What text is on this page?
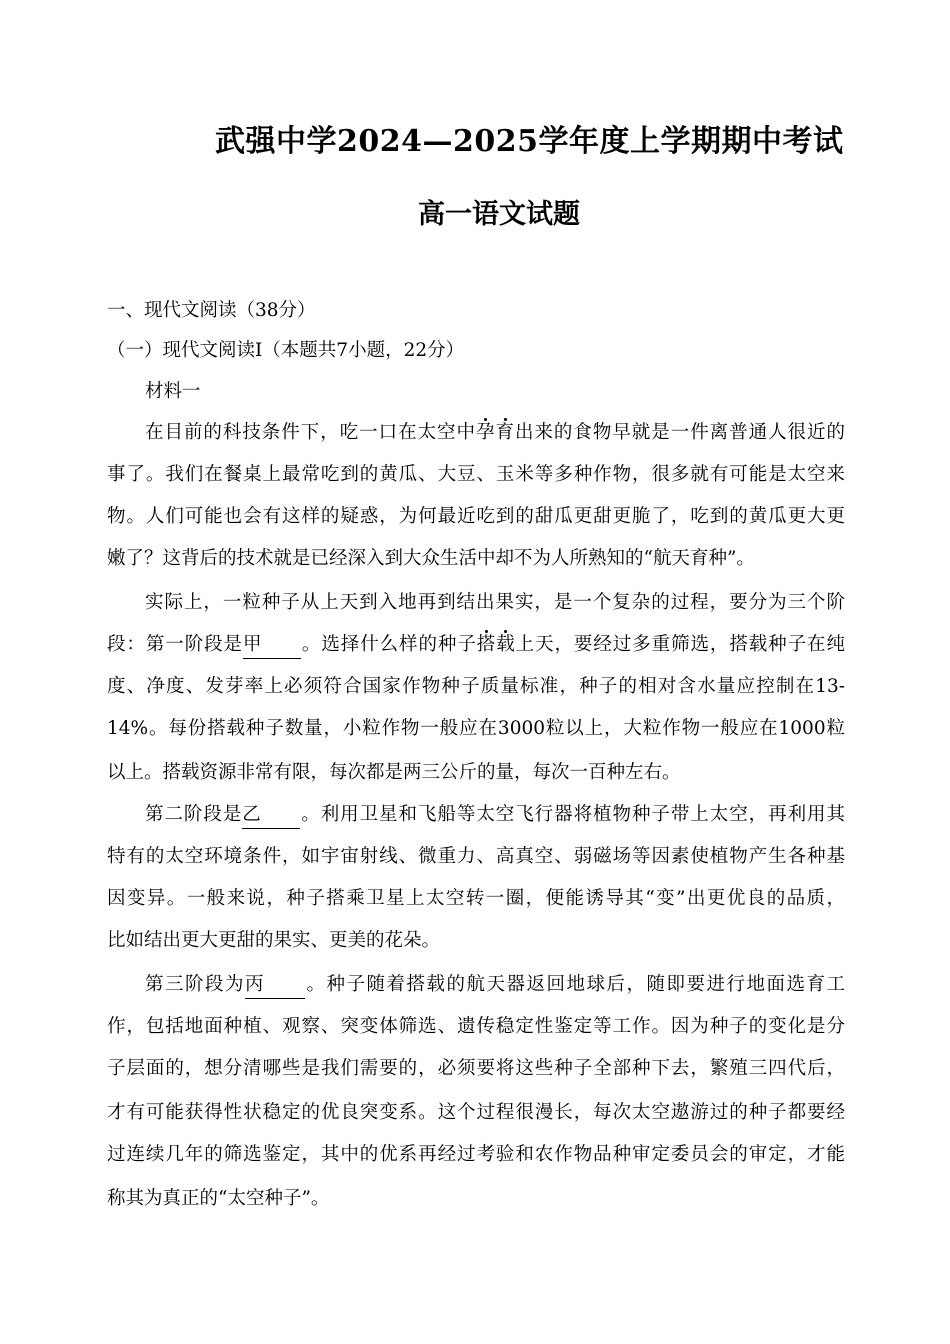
武强中学2024—2025学年度上学期期中考试
高一语文试题
一、现代文阅读（38分）
（一）现代文阅读Ⅰ（本题共7小题，22分）
材料一
在目前的科技条件下，吃一口在太空中孕育出来的食物早就是一件离普通人很近的
事了。我们在餐桌上最常吃到的黄瓜、大豆、玉米等多种作物，很多就有可能是太空来
物。人们可能也会有这样的疑惑，为何最近吃到的甜瓜更甜更脆了，吃到的黄瓜更大更
嫩了？这背后的技术就是已经深入到大众生活中却不为人所熟知的“航天育种”。
实际上，一粒种子从上天到入地再到结出果实，是一个复杂的过程，要分为三个阶
段：第一阶段是甲 。选择什么样的种子搭载上天，要经过多重筛选，搭载种子在纯
度、净度、发芽率上必须符合国家作物种子质量标准，种子的相对含水量应控制在13-
14%。每份搭载种子数量，小粒作物一般应在3000粒以上，大粒作物一般应在1000粒
以上。搭载资源非常有限，每次都是两三公斤的量，每次一百种左右。
第二阶段是乙 。利用卫星和飞船等太空飞行器将植物种子带上太空，再利用其
特有的太空环境条件，如宇宙射线、微重力、高真空、弱磁场等因素使植物产生各种基
因变异。一般来说，种子搭乘卫星上太空转一圈，便能诱导其“变”出更优良的品质，
比如结出更大更甜的果实、更美的花朵。
第三阶段为丙 。种子随着搭载的航天器返回地球后，随即要进行地面选育工
作，包括地面种植、观察、突变体筛选、遗传稳定性鉴定等工作。因为种子的变化是分
子层面的，想分清哪些是我们需要的，必须要将这些种子全部种下去，繁殖三四代后，
才有可能获得性状稳定的优良突变系。这个过程很漫长，每次太空遨游过的种子都要经
过连续几年的筛选鉴定，其中的优系再经过考验和农作物品种审定委员会的审定，才能
称其为真正的“太空种子”。
